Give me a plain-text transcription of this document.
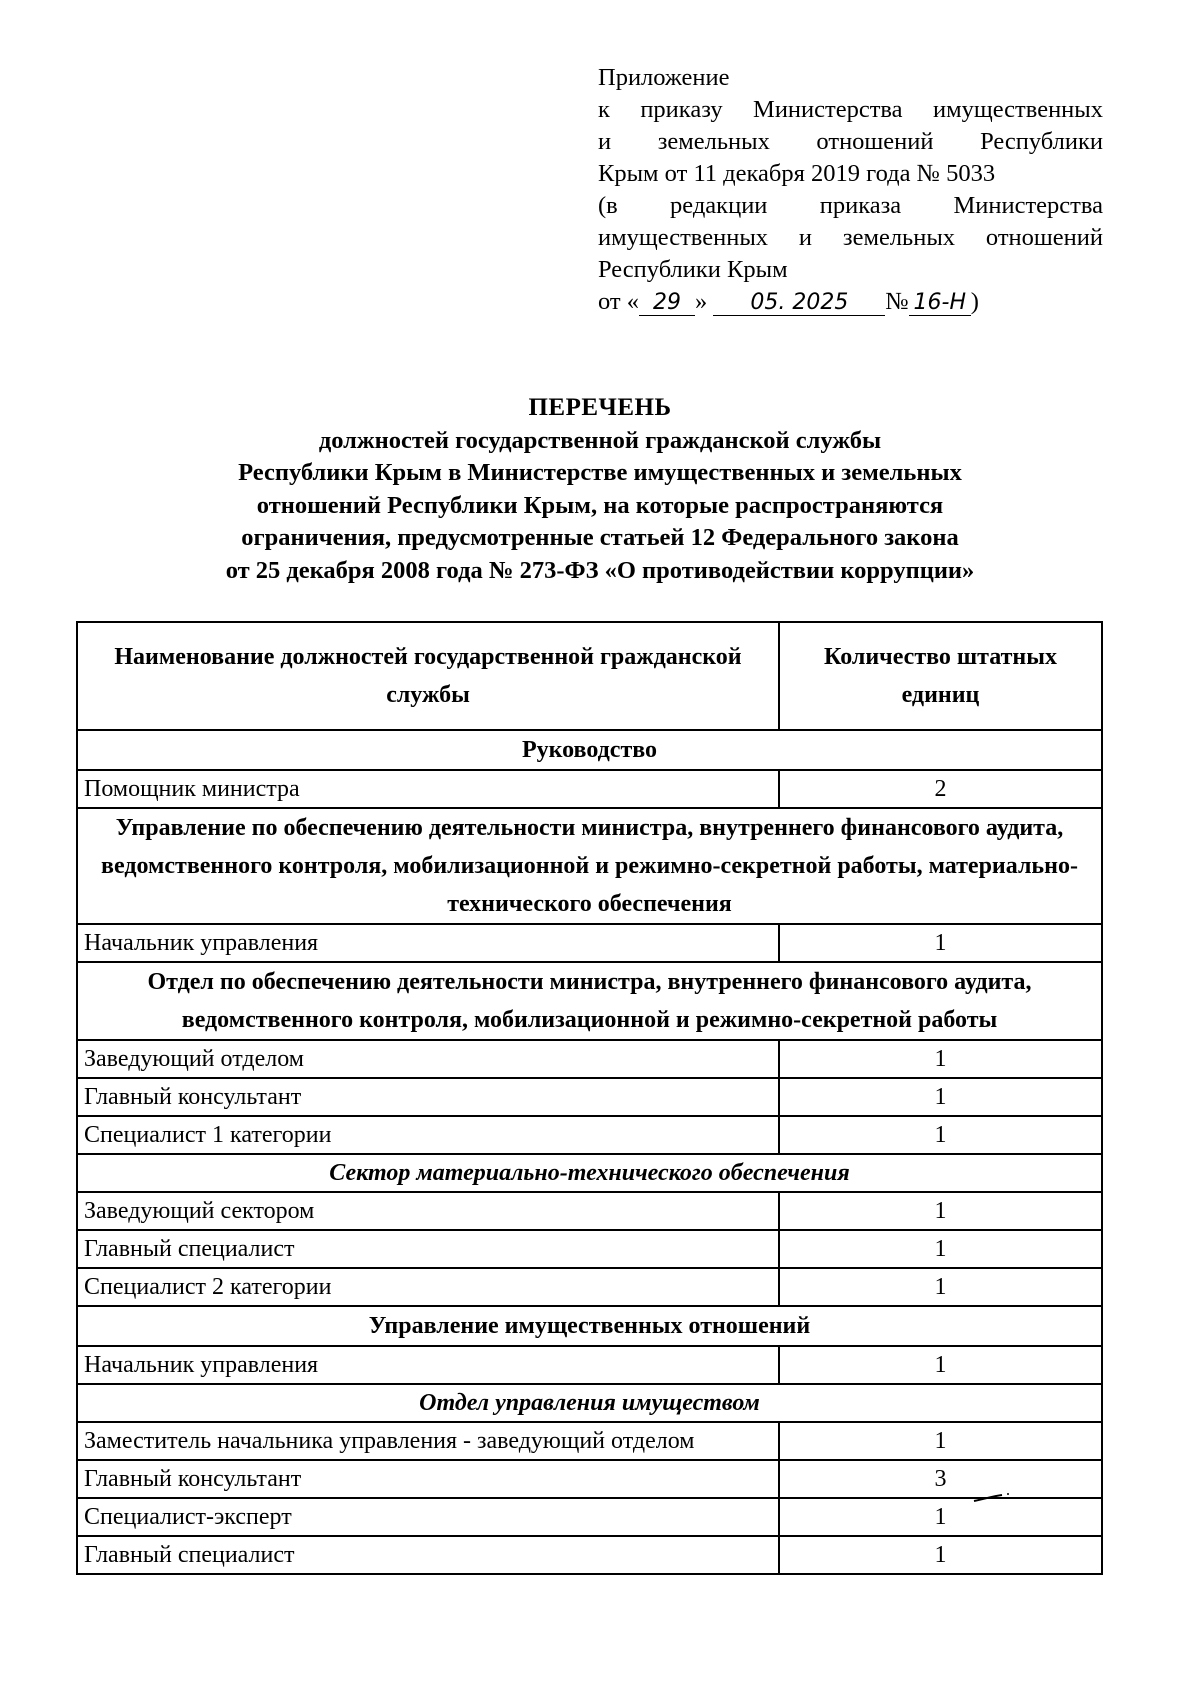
Приложение
к приказу Министерства имущественных
и земельных отношений Республики
Крым от 11 декабря 2019 года № 5033
(в редакции приказа Министерства
имущественных и земельных отношений
Республики Крым
от « 29 » 05. 2025 № 16-Н )
ПЕРЕЧЕНЬ
должностей государственной гражданской службы
Республики Крым в Министерстве имущественных и земельных
отношений Республики Крым, на которые распространяются
ограничения, предусмотренные статьей 12 Федерального закона
от 25 декабря 2008 года № 273-ФЗ «О противодействии коррупции»
Наименование должностей государственной гражданской службы	Количество штатных единиц
Руководство	
Помощник министра	2
Управление по обеспечению деятельности министра, внутреннего финансового аудита, ведомственного контроля, мобилизационной и режимно-секретной работы, материально-технического обеспечения	
Начальник управления	1
Отдел по обеспечению деятельности министра, внутреннего финансового аудита, ведомственного контроля, мобилизационной и режимно-секретной работы	
Заведующий отделом	1
Главный консультант	1
Специалист 1 категории	1
Сектор материально-технического обеспечения	
Заведующий сектором	1
Главный специалист	1
Специалист 2 категории	1
Управление имущественных отношений	
Начальник управления	1
Отдел управления имуществом	
Заместитель начальника управления - заведующий отделом	1
Главный консультант	3
Специалист-эксперт	1
Главный специалист	1
